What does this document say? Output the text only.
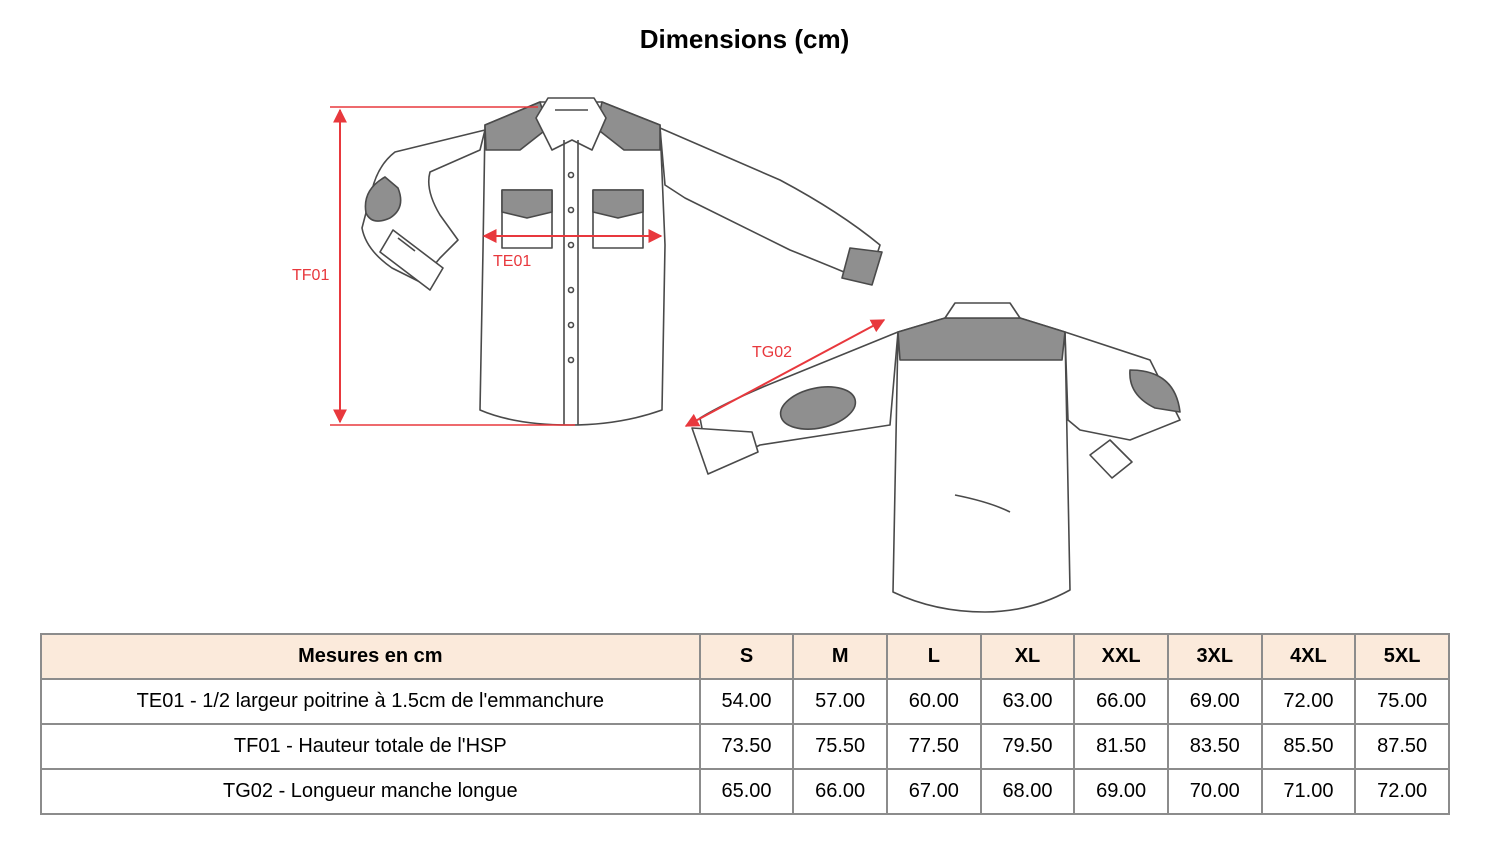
Dimensions (cm)
TF01
TE01
TG02
Mesures en cm	S	M	L	XL	XXL	3XL	4XL	5XL
TE01 - 1/2 largeur poitrine à 1.5cm de l'emmanchure	54.00	57.00	60.00	63.00	66.00	69.00	72.00	75.00
TF01 - Hauteur totale de l'HSP	73.50	75.50	77.50	79.50	81.50	83.50	85.50	87.50
TG02 - Longueur manche longue	65.00	66.00	67.00	68.00	69.00	70.00	71.00	72.00
